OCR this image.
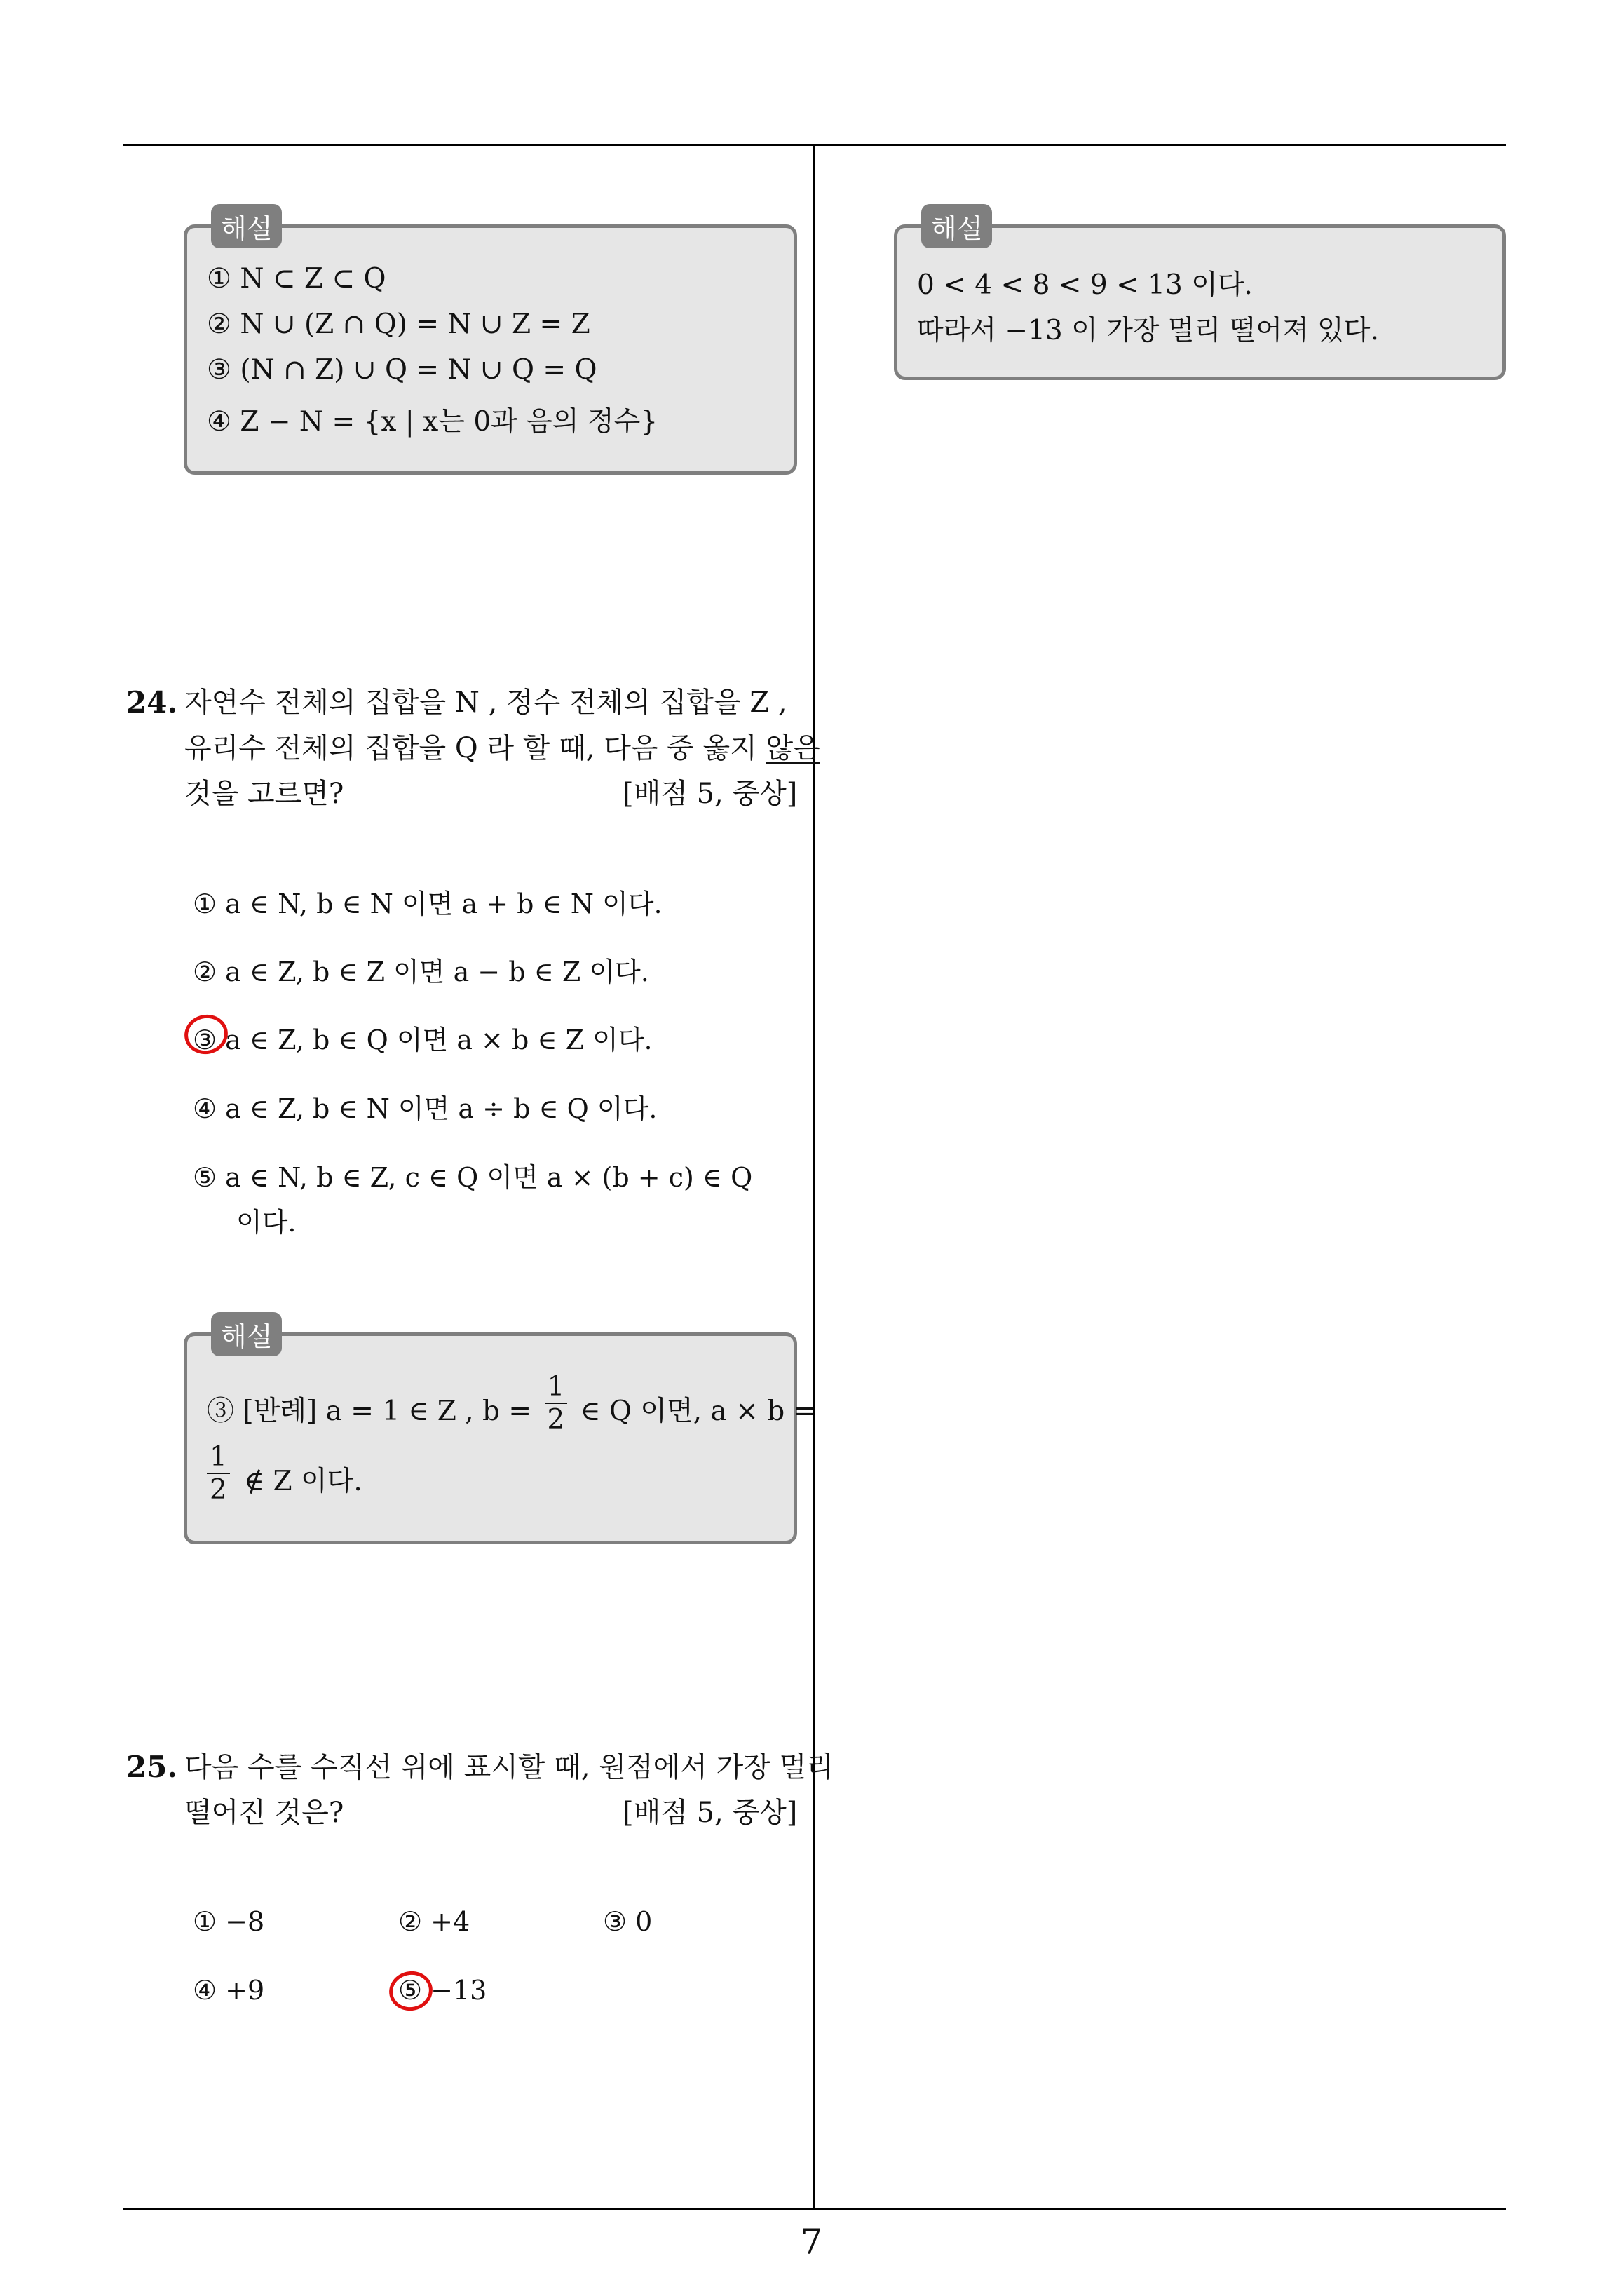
해설
① N ⊂ Z ⊂ Q
② N ∪ (Z ∩ Q) = N ∪ Z = Z
③ (N ∩ Z) ∪ Q = N ∪ Q = Q
④ Z − N = {x | x는 0과 음의 정수}
24. 자연수 전체의 집합을 N , 정수 전체의 집합을 Z ,
유리수 전체의 집합을 Q 라 할 때, 다음 중 옳지 않은
것을 고르면?	[배점 5, 중상]
① a ∈ N, b ∈ N 이면 a + b ∈ N 이다.
② a ∈ Z, b ∈ Z 이면 a − b ∈ Z 이다.
③ a ∈ Z, b ∈ Q 이면 a × b ∈ Z 이다.
④ a ∈ Z, b ∈ N 이면 a ÷ b ∈ Q 이다.
⑤ a ∈ N, b ∈ Z, c ∈ Q 이면 a × (b + c) ∈ Q
이다.
해설
③ [반례] a = 1 ∈ Z , $b = \frac{1}{2}$ ∈ Q 이면, a × b =
$\frac{1}{2}$ ∉ Z 이다.
25. 다음 수를 수직선 위에 표시할 때, 원점에서 가장 멀리
떨어진 것은?	[배점 5, 중상]
① −8	② +4	③ 0
④ +9	⑤ −13
해설
0 < 4 < 8 < 9 < 13 이다.
따라서 −13 이 가장 멀리 떨어져 있다.
7
